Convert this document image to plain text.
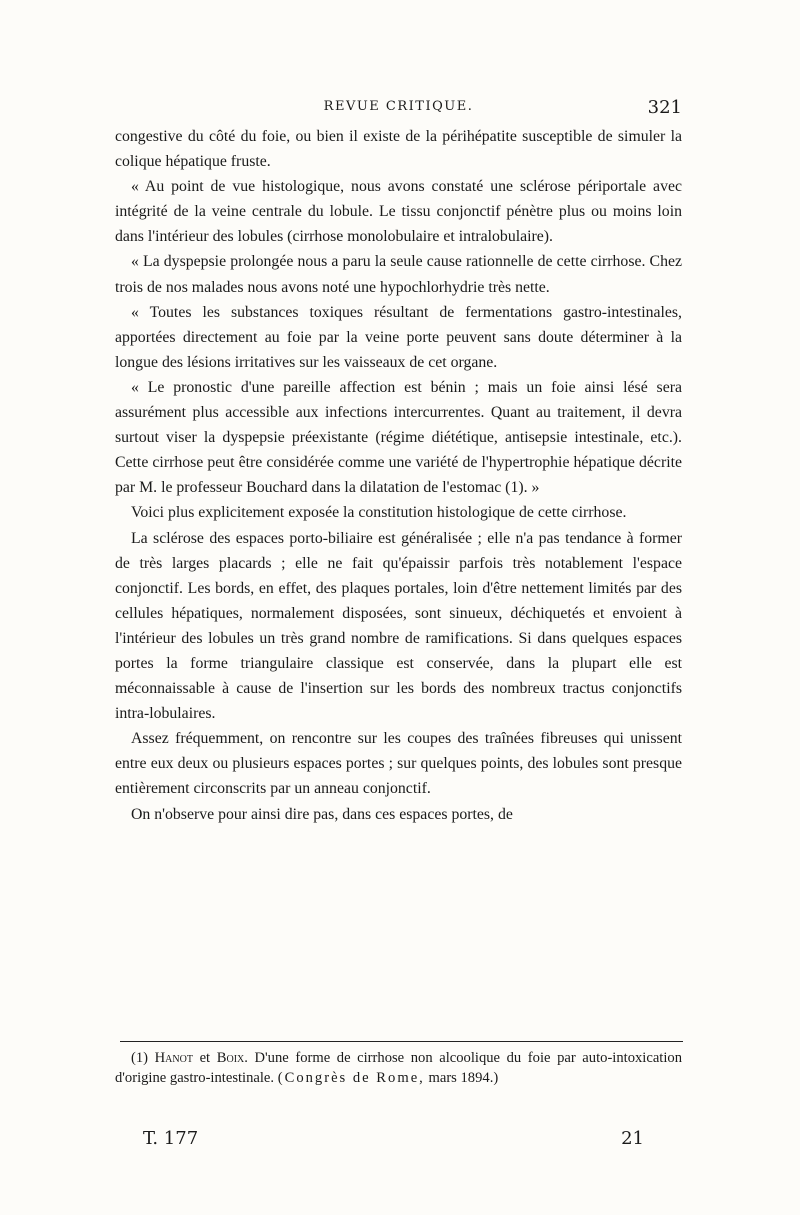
REVUE CRITIQUE.	321

congestive du côté du foie, ou bien il existe de la périhépatite susceptible de simuler la colique hépatique fruste.

« Au point de vue histologique, nous avons constaté une sclérose périportale avec intégrité de la veine centrale du lobule. Le tissu conjonctif pénètre plus ou moins loin dans l'intérieur des lobules (cirrhose monolobulaire et intralobulaire).

« La dyspepsie prolongée nous a paru la seule cause rationnelle de cette cirrhose. Chez trois de nos malades nous avons noté une hypochlorhydrie très nette.

« Toutes les substances toxiques résultant de fermentations gastro-intestinales, apportées directement au foie par la veine porte peuvent sans doute déterminer à la longue des lésions irritatives sur les vaisseaux de cet organe.

« Le pronostic d'une pareille affection est bénin ; mais un foie ainsi lésé sera assurément plus accessible aux infections intercurrentes. Quant au traitement, il devra surtout viser la dyspepsie préexistante (régime diététique, antisepsie intestinale, etc.). Cette cirrhose peut être considérée comme une variété de l'hypertrophie hépatique décrite par M. le professeur Bouchard dans la dilatation de l'estomac (1). »

Voici plus explicitement exposée la constitution histologique de cette cirrhose.

La sclérose des espaces porto-biliaire est généralisée ; elle n'a pas tendance à former de très larges placards ; elle ne fait qu'épaissir parfois très notablement l'espace conjonctif. Les bords, en effet, des plaques portales, loin d'être nettement limités par des cellules hépatiques, normalement disposées, sont sinueux, déchiquetés et envoient à l'intérieur des lobules un très grand nombre de ramifications. Si dans quelques espaces portes la forme triangulaire classique est conservée, dans la plupart elle est méconnaissable à cause de l'insertion sur les bords des nombreux tractus conjonctifs intra-lobulaires.

Assez fréquemment, on rencontre sur les coupes des traînées fibreuses qui unissent entre eux deux ou plusieurs espaces portes ; sur quelques points, des lobules sont presque entièrement circonscrits par un anneau conjonctif.

On n'observe pour ainsi dire pas, dans ces espaces portes, de

(1) Hanot et Boix. D'une forme de cirrhose non alcoolique du foie par auto-intoxication d'origine gastro-intestinale. (Congrès de Rome, mars 1894.)

T. 177	21
